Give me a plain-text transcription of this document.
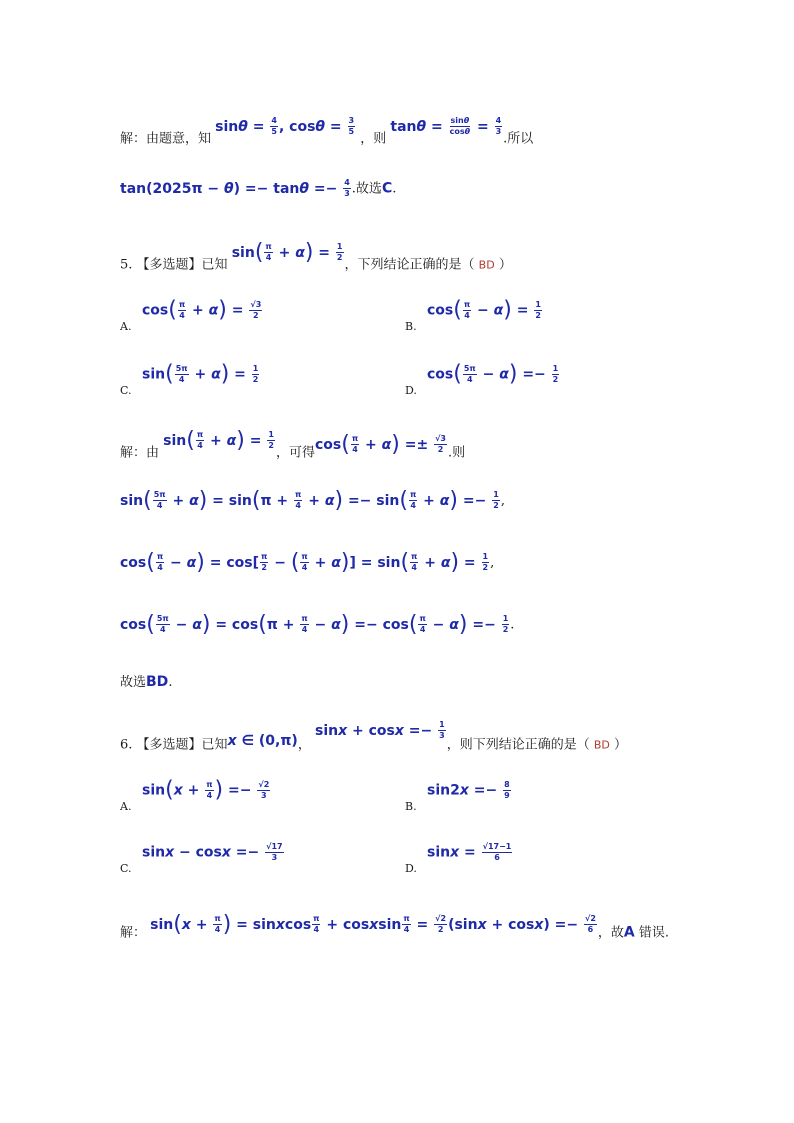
解：由题意，知 $\sin\theta = \frac{4}{5}$ , $\cos\theta = \frac{3}{5}$
，则 $\tan\theta = \frac{\sin\theta}{\cos\theta} = \frac{4}{3}$
.所以
$\tan(2025\pi - \theta) =- \tan\theta =- \frac{4}{3}$ .故选C.
5. 【多选题】已知 $\sin( \frac{\pi}{4} + \alpha) = \frac{1}{2}$
，下列结论正确的是（ BD ）
A.
$\cos( \frac{\pi}{4} + \alpha) = \frac{√3}{2}$
B.
$\cos( \frac{\pi}{4} - \alpha) = \frac{1}{2}$
C.
$\sin( \frac{5\pi}{4} + \alpha) = \frac{1}{2}$
D.
$\cos( \frac{5\pi}{4} - \alpha) =- \frac{1}{2}$
解：由 $\sin( \frac{\pi}{4} + \alpha) = \frac{1}{2}$
，可得$\cos( \frac{\pi}{4} + \alpha) =\pm \frac{√3}{2}$ .则
$\sin( \frac{5\pi}{4} + \alpha) = \sin(\pi + \frac{\pi}{4} + \alpha) =- \sin( \frac{\pi}{4} + \alpha) =- \frac{1}{2}$ ,
$\cos( \frac{\pi}{4} - \alpha) = \cos[ \frac{\pi}{2}$ − ( $\frac{\pi}{4} + \alpha)] = \sin( \frac{\pi}{4} + \alpha) = \frac{1}{2}$ ,
$\cos( \frac{5\pi}{4} - \alpha) = \cos(\pi + \frac{\pi}{4} - \alpha) =- \cos( \frac{\pi}{4} - \alpha) =- \frac{1}{2}$ .
故选BD.
6. 【多选题】已知x ∈ (0,π)， $\sin x + \cos x =- \frac{1}{3}$
，则下列结论正确的是（ BD ）
A.
$\sin(x + \frac{\pi}{4}$ ) =− $\frac{√2}{3}$
B.
$\sin 2x =- \frac{8}{9}$
C.
$\sin x - \cos x =- \frac{√17}{3}$
D.
$\sin x = \frac{√17-1}{6}$
解： $\sin(x + \frac{\pi}{4}$ ) = sinxcos $\frac{\pi}{4}$ + cosxsin $\frac{\pi}{4} = \frac{√2}{2} (\sin x + \cos x) =- \frac{√2}{6}$ ，故A 错误.
